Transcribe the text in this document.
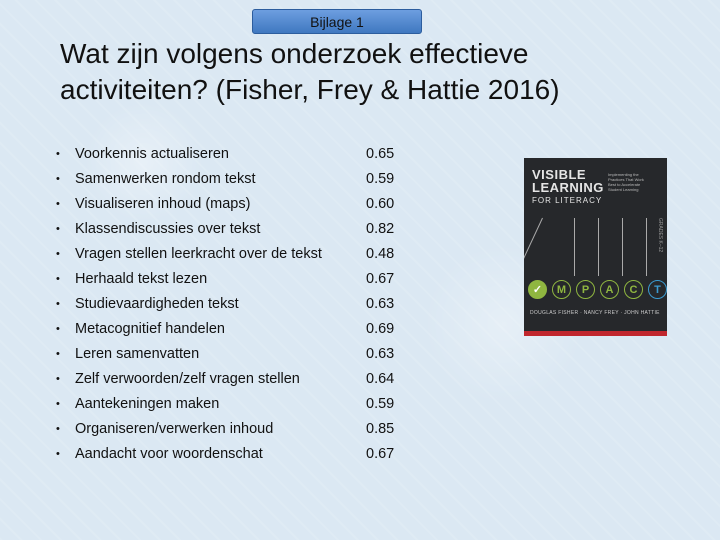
Bijlage 1
Wat zijn volgens onderzoek effectieve
activiteiten? (Fisher, Frey & Hattie 2016)
•	Voorkennis actualiseren	0.65
•	Samenwerken rondom tekst	0.59
•	Visualiseren inhoud (maps)	0.60
•	Klassendiscussies over tekst	0.82
•	Vragen stellen leerkracht over de tekst	0.48
•	Herhaald tekst lezen	0.67
•	Studievaardigheden tekst	0.63
•	Metacognitief handelen	0.69
•	Leren samenvatten	0.63
•	Zelf verwoorden/zelf vragen stellen	0.64
•	Aantekeningen maken	0.59
•	Organiseren/verwerken inhoud	0.85
•	Aandacht voor woordenschat	0.67
VISIBLE
LEARNING
FOR LITERACY
Implementing the Practices That Work Best to Accelerate Student Learning
GRADES K–12
✓	M	P	A	C	T
DOUGLAS FISHER · NANCY FREY · JOHN HATTIE
